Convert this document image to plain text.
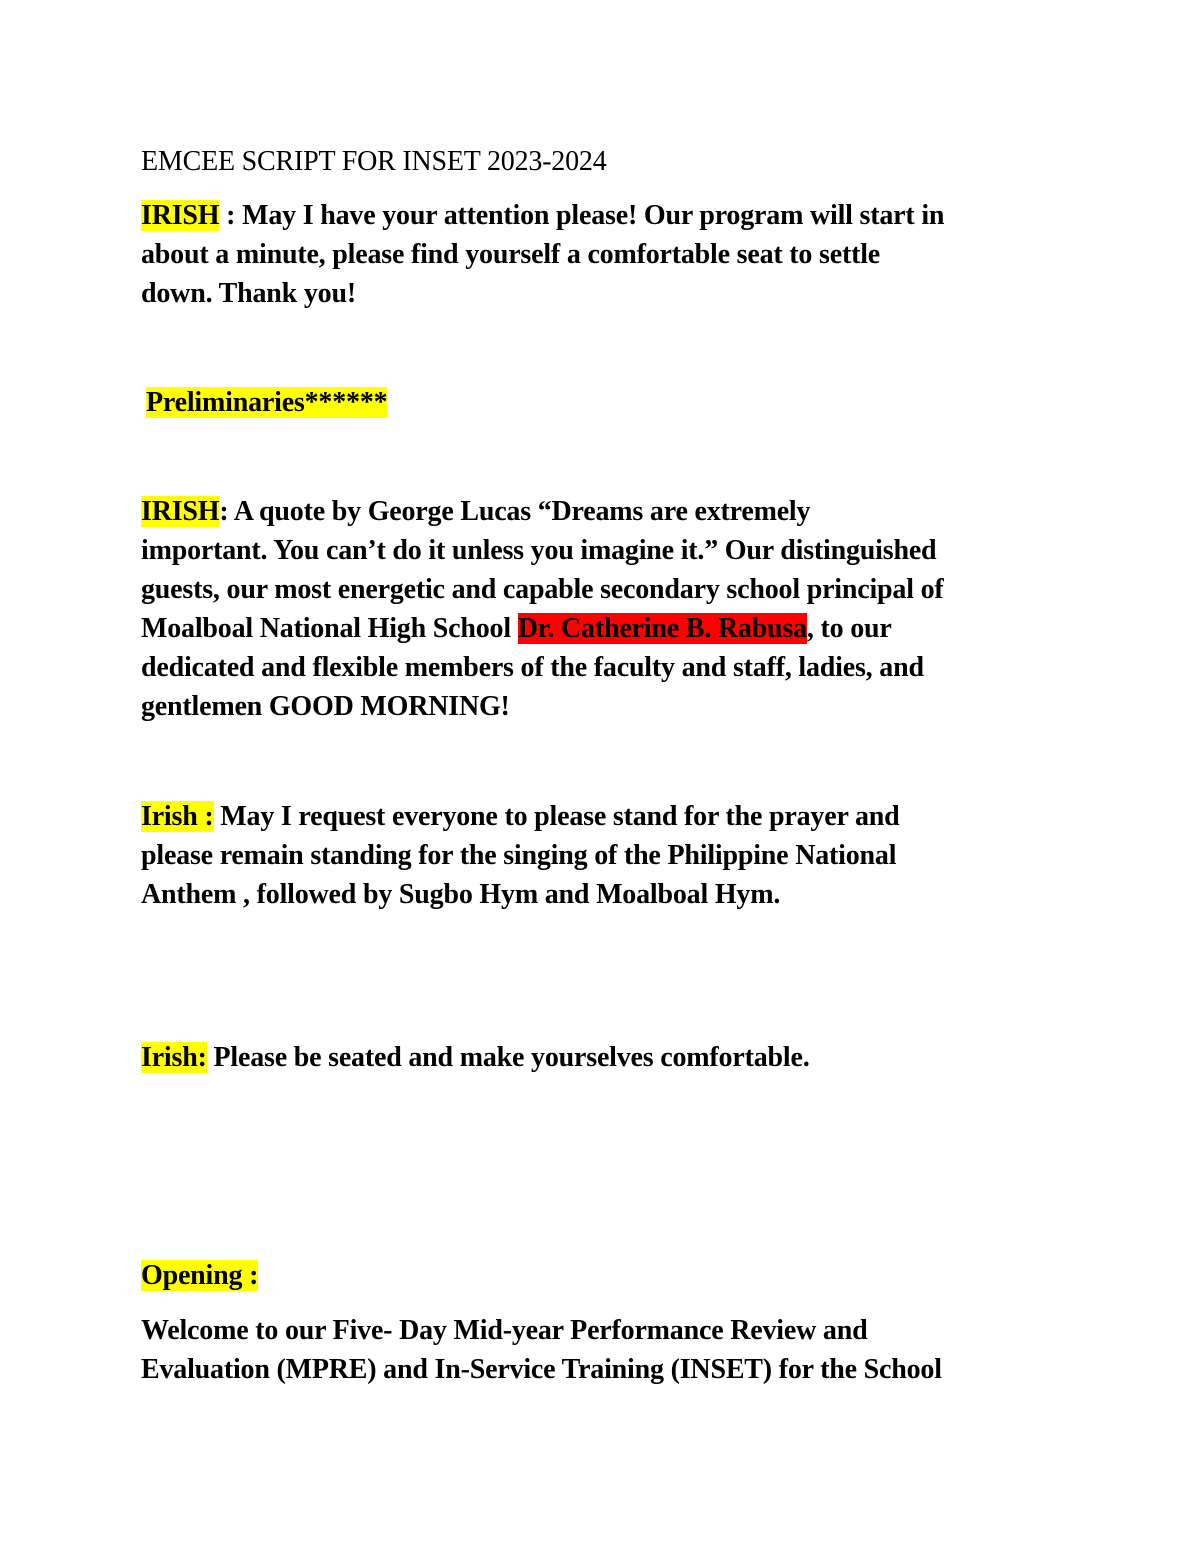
EMCEE SCRIPT FOR INSET 2023-2024

IRISH : May I have your attention please! Our program will start in

about a minute, please find yourself a comfortable seat to settle

down. Thank you!

Preliminaries******

IRISH: A quote by George Lucas “Dreams are extremely

important. You can’t do it unless you imagine it.” Our distinguished

guests, our most energetic and capable secondary school principal of

Moalboal National High School Dr. Catherine B. Rabusa, to our

dedicated and flexible members of the faculty and staff, ladies, and

gentlemen GOOD MORNING!

Irish : May I request everyone to please stand for the prayer and

please remain standing for the singing of the Philippine National

Anthem , followed by Sugbo Hym and Moalboal Hym.

Irish: Please be seated and make yourselves comfortable.

Opening :

Welcome to our Five- Day Mid-year Performance Review and

Evaluation (MPRE) and In-Service Training (INSET) for the School
